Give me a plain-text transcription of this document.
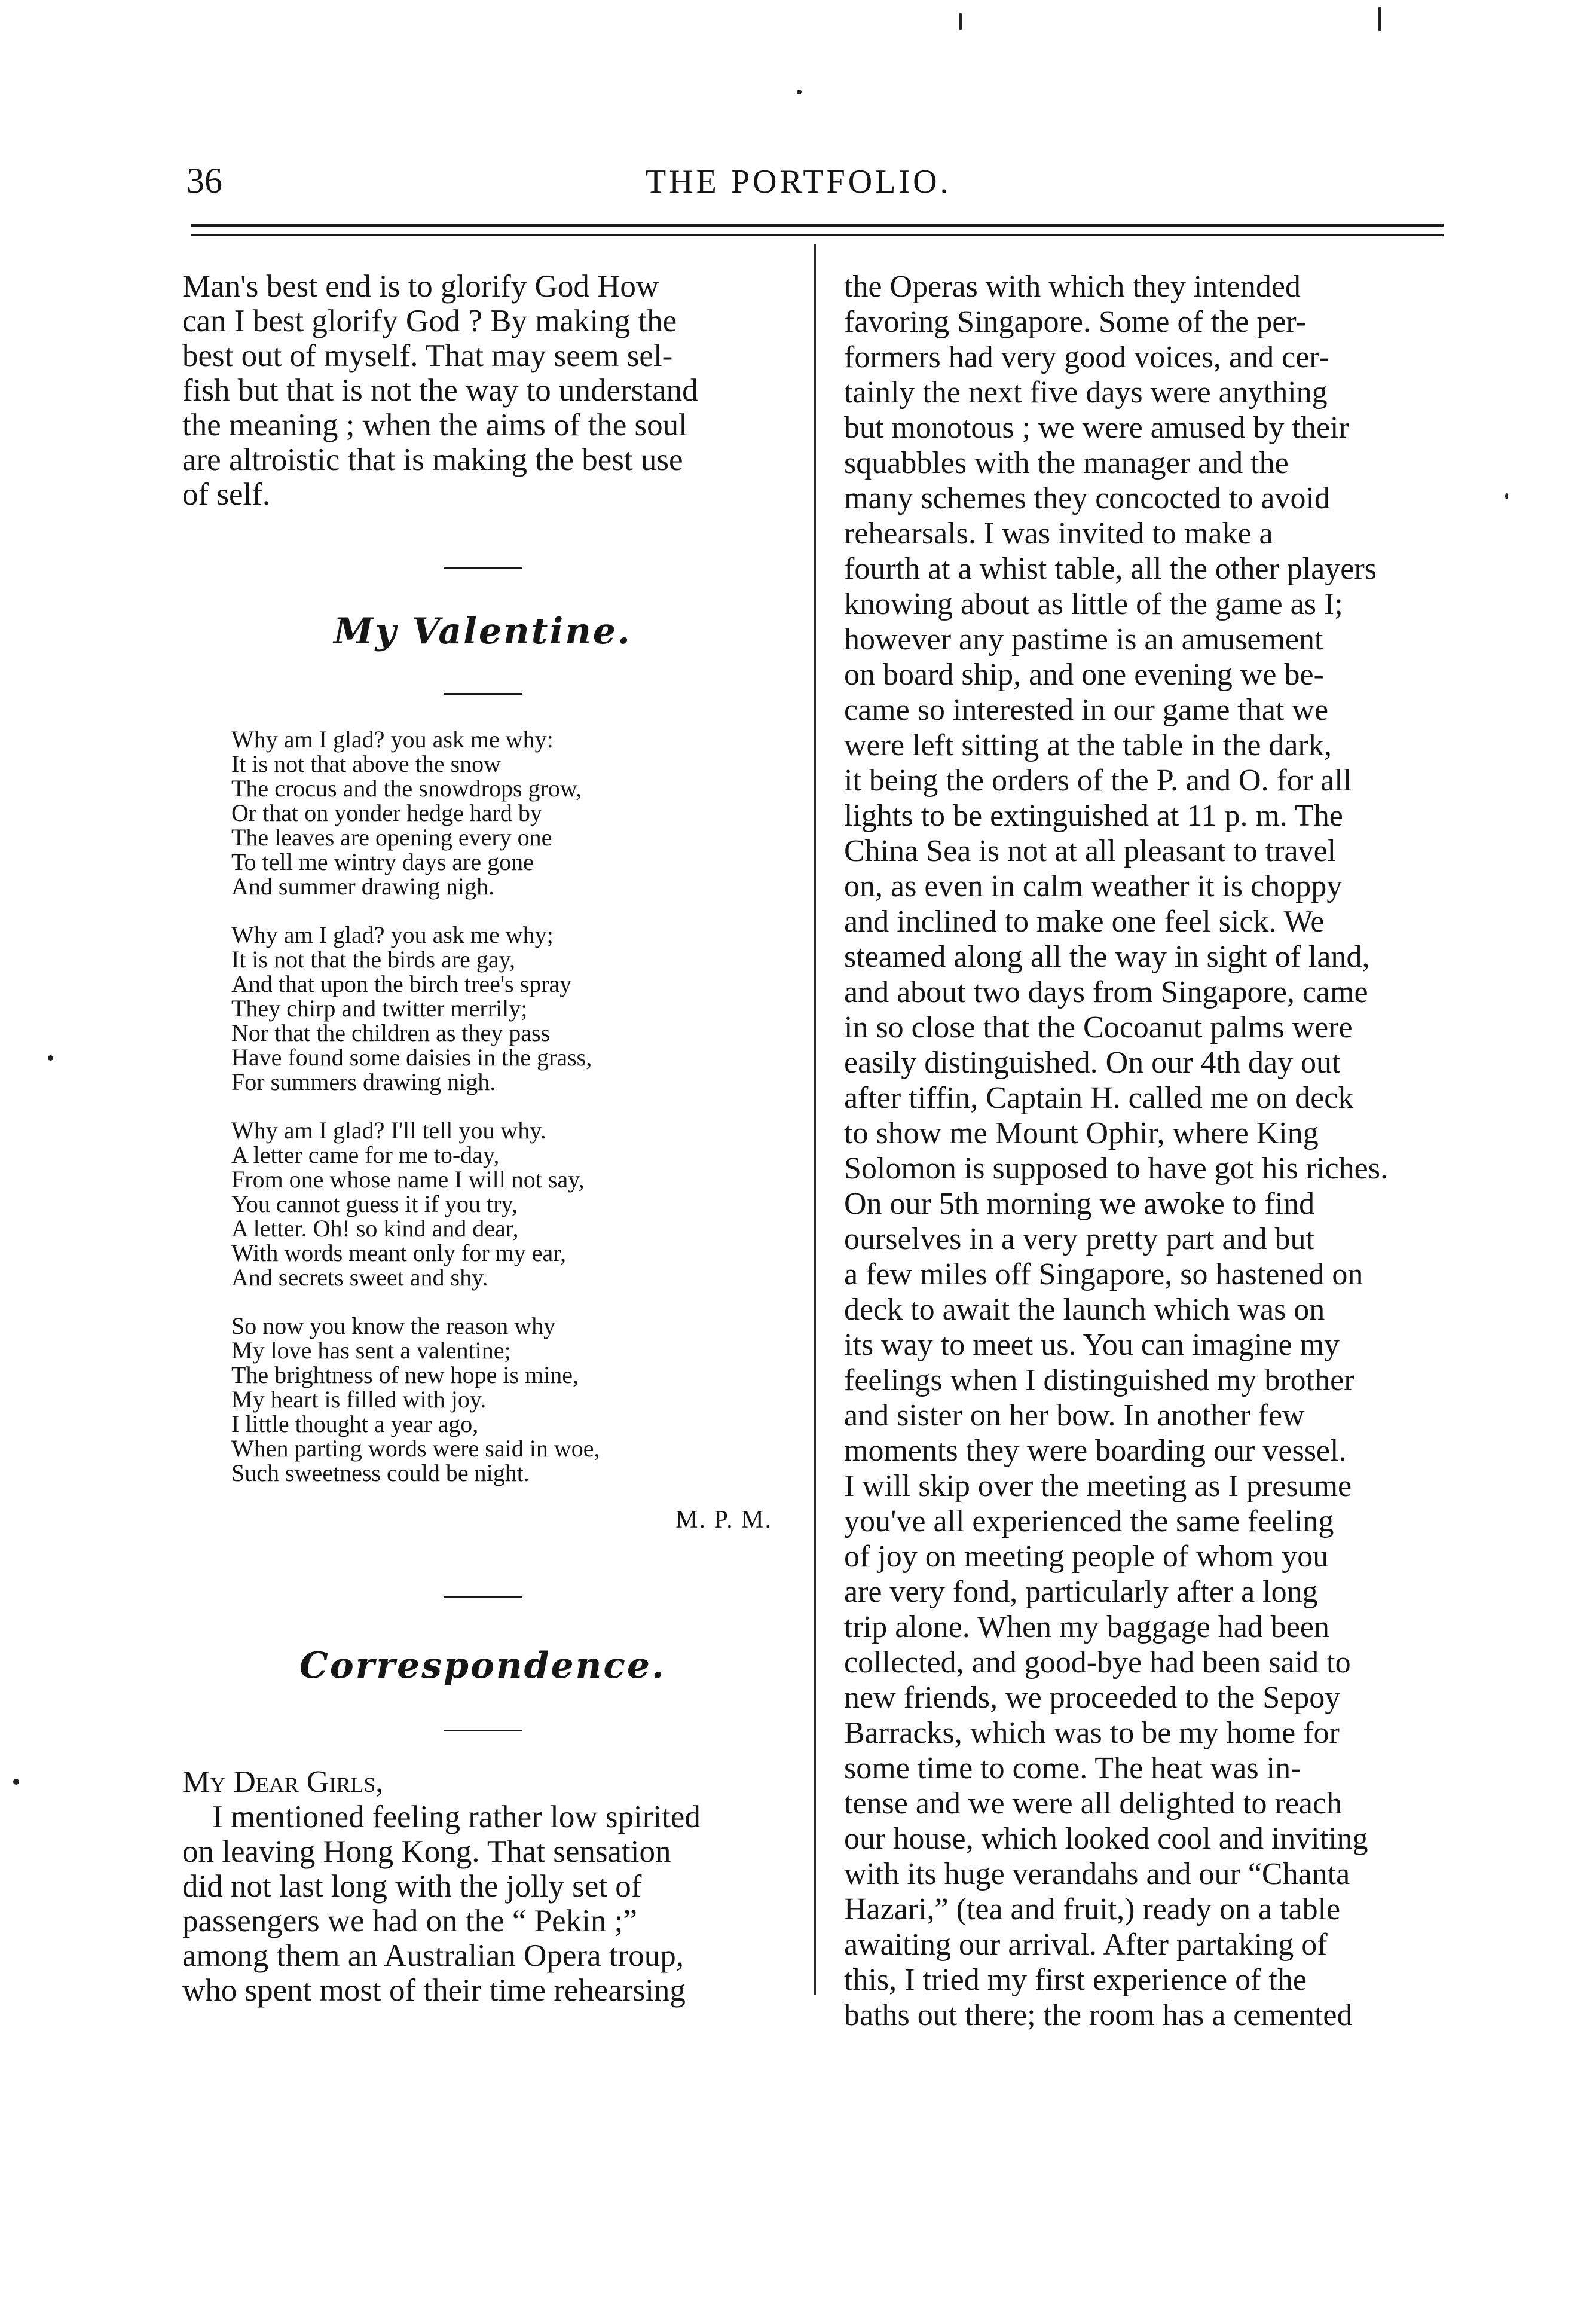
36	THE PORTFOLIO.

Man's best end is to glorify God How
can I best glorify God ? By making the
best out of myself. That may seem sel-
fish but that is not the way to understand
the meaning ; when the aims of the soul
are altroistic that is making the best use
of self.

My Valentine.
Why am I glad? you ask me why:
It is not that above the snow
The crocus and the snowdrops grow,
Or that on yonder hedge hard by
The leaves are opening every one
To tell me wintry days are gone
And summer drawing nigh.
Why am I glad? you ask me why;
It is not that the birds are gay,
And that upon the birch tree's spray
They chirp and twitter merrily;
Nor that the children as they pass
Have found some daisies in the grass,
For summers drawing nigh.
Why am I glad? I'll tell you why.
A letter came for me to-day,
From one whose name I will not say,
You cannot guess it if you try,
A letter. Oh! so kind and dear,
With words meant only for my ear,
And secrets sweet and shy.
So now you know the reason why
My love has sent a valentine;
The brightness of new hope is mine,
My heart is filled with joy.
I little thought a year ago,
When parting words were said in woe,
Such sweetness could be night.
M. P. M.
Correspondence.

My Dear Girls,

I mentioned feeling rather low spirited
on leaving Hong Kong. That sensation
did not last long with the jolly set of
passengers we had on the “ Pekin ;”
among them an Australian Opera troup,
who spent most of their time rehearsing

the Operas with which they intended
favoring Singapore. Some of the per-
formers had very good voices, and cer-
tainly the next five days were anything
but monotous ; we were amused by their
squabbles with the manager and the
many schemes they concocted to avoid
rehearsals. I was invited to make a
fourth at a whist table, all the other players
knowing about as little of the game as I;
however any pastime is an amusement
on board ship, and one evening we be-
came so interested in our game that we
were left sitting at the table in the dark,
it being the orders of the P. and O. for all
lights to be extinguished at 11 p. m. The
China Sea is not at all pleasant to travel
on, as even in calm weather it is choppy
and inclined to make one feel sick. We
steamed along all the way in sight of land,
and about two days from Singapore, came
in so close that the Cocoanut palms were
easily distinguished. On our 4th day out
after tiffin, Captain H. called me on deck
to show me Mount Ophir, where King
Solomon is supposed to have got his riches.
On our 5th morning we awoke to find
ourselves in a very pretty part and but
a few miles off Singapore, so hastened on
deck to await the launch which was on
its way to meet us. You can imagine my
feelings when I distinguished my brother
and sister on her bow. In another few
moments they were boarding our vessel.
I will skip over the meeting as I presume
you've all experienced the same feeling
of joy on meeting people of whom you
are very fond, particularly after a long
trip alone. When my baggage had been
collected, and good-bye had been said to
new friends, we proceeded to the Sepoy
Barracks, which was to be my home for
some time to come. The heat was in-
tense and we were all delighted to reach
our house, which looked cool and inviting
with its huge verandahs and our “Chanta
Hazari,” (tea and fruit,) ready on a table
awaiting our arrival. After partaking of
this, I tried my first experience of the
baths out there; the room has a cemented
